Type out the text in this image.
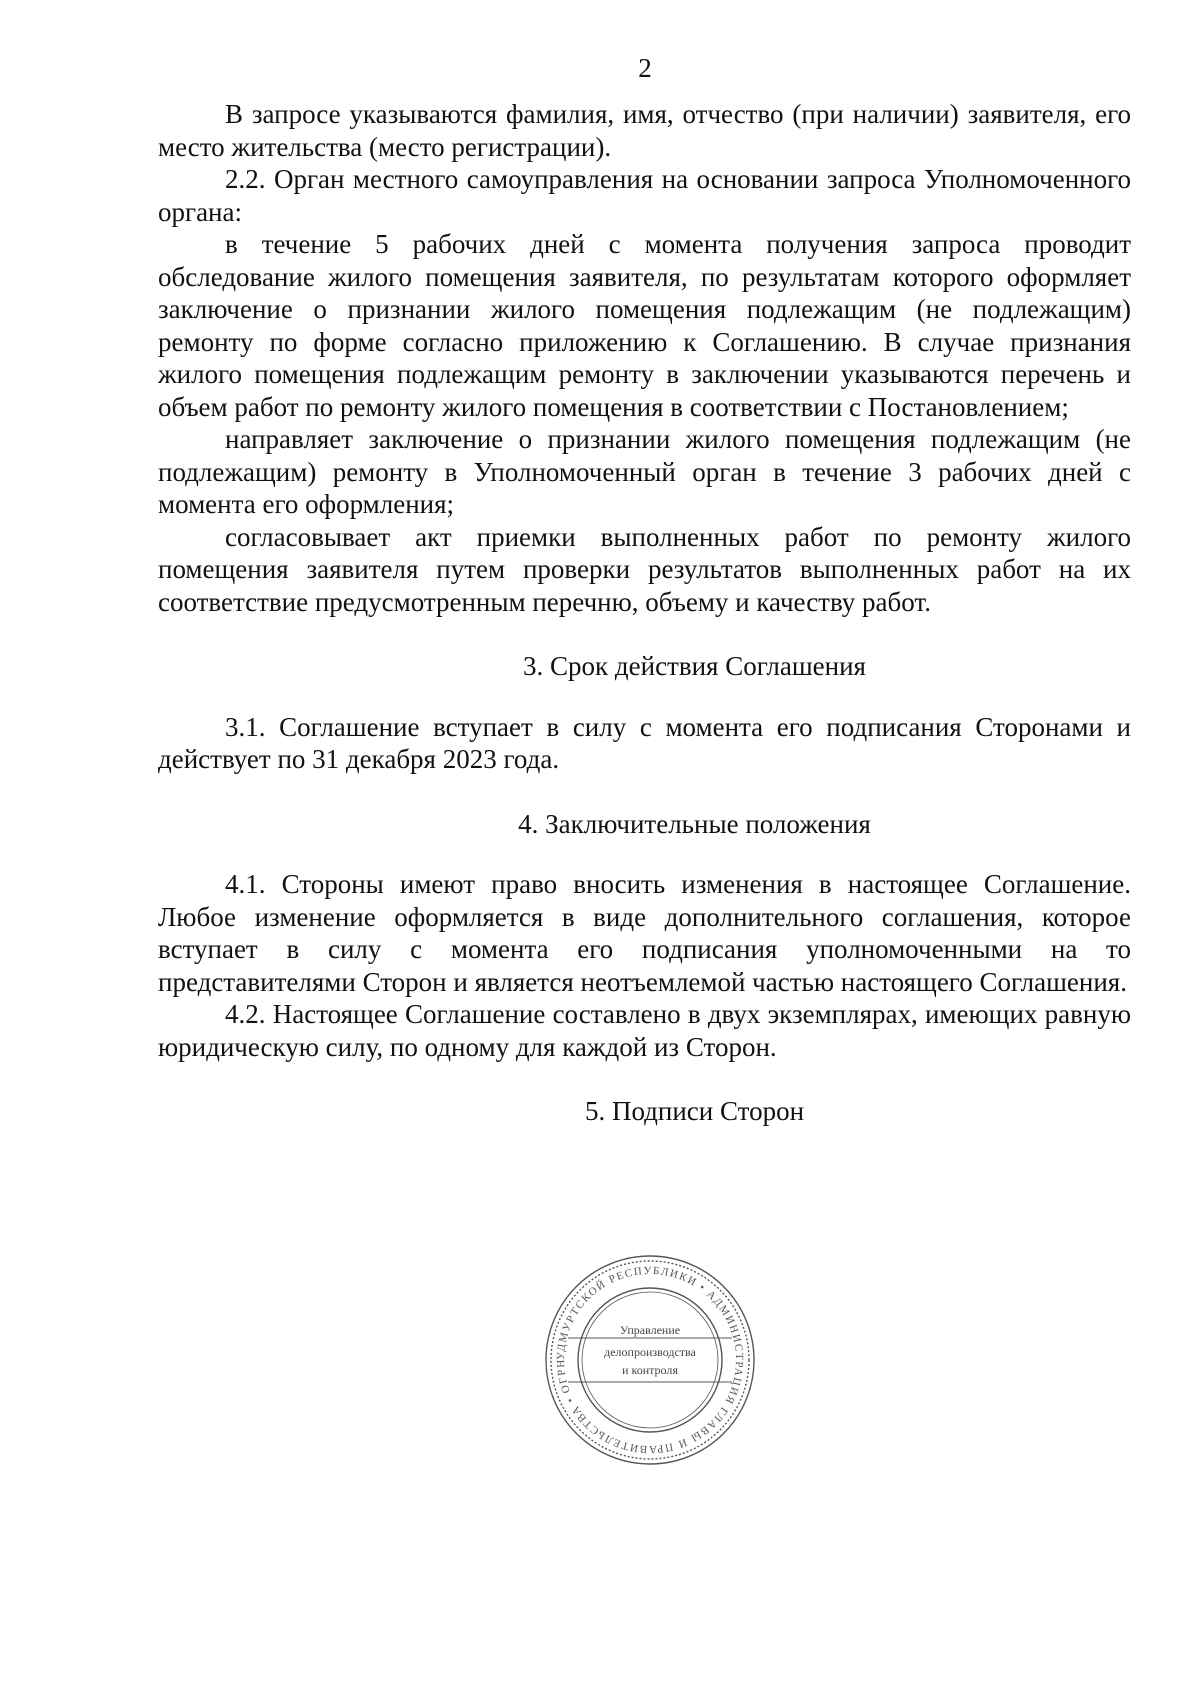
2

В запросе указываются фамилия, имя, отчество (при наличии) заявителя, его место жительства (место регистрации).

2.2. Орган местного самоуправления на основании запроса Уполномоченного органа:

в течение 5 рабочих дней с момента получения запроса проводит обследование жилого помещения заявителя, по результатам которого оформляет заключение о признании жилого помещения подлежащим (не подлежащим) ремонту по форме согласно приложению к Соглашению. В случае признания жилого помещения подлежащим ремонту в заключении указываются перечень и объем работ по ремонту жилого помещения в соответствии с Постановлением;

направляет заключение о признании жилого помещения подлежащим (не подлежащим) ремонту в Уполномоченный орган в течение 3 рабочих дней с момента его оформления;

согласовывает акт приемки выполненных работ по ремонту жилого помещения заявителя путем проверки результатов выполненных работ на их соответствие предусмотренным перечню, объему и качеству работ.

3. Срок действия Соглашения

3.1. Соглашение вступает в силу с момента его подписания Сторонами и действует по 31 декабря 2023 года.

4. Заключительные положения

4.1. Стороны имеют право вносить изменения в настоящее Соглашение. Любое изменение оформляется в виде дополнительного соглашения, которое вступает в силу с момента его подписания уполномоченными на то представителями Сторон и является неотъемлемой частью настоящего Соглашения.

4.2. Настоящее Соглашение составлено в двух экземплярах, имеющих равную юридическую силу, по одному для каждой из Сторон.

5. Подписи Сторон

УДМУРТСКОЙ РЕСПУБЛИКИ • АДМИНИСТРАЦИЯ ГЛАВЫ И ПРАВИТЕЛЬСТВА • ОГРН
Управление
делопроизводства
и контроля
